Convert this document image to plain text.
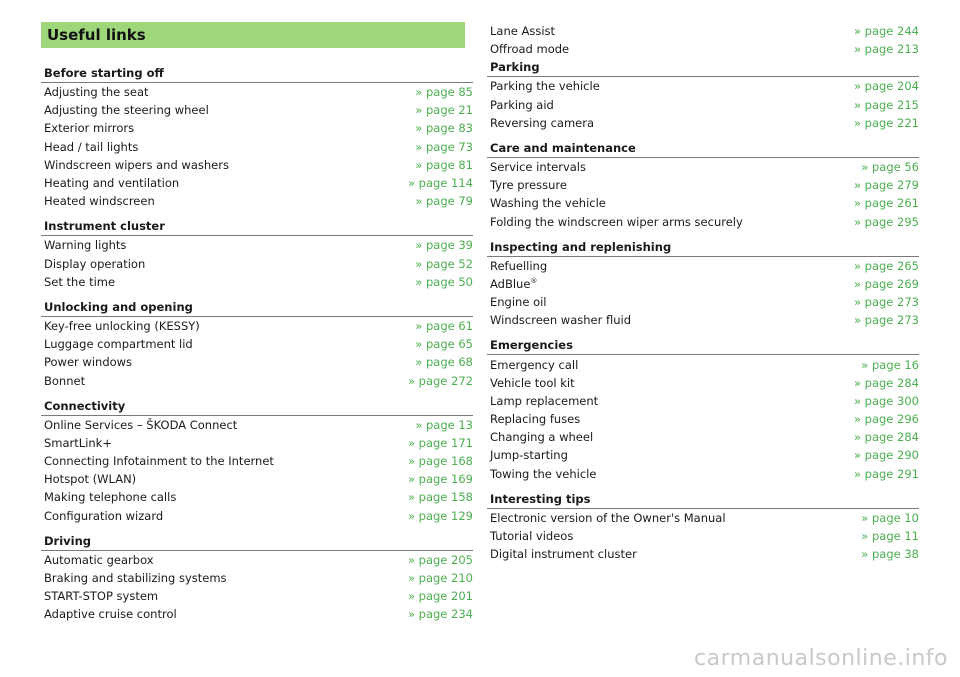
Useful links
Before starting off
Adjusting the seat	» page 85
Adjusting the steering wheel	» page 21
Exterior mirrors	» page 83
Head / tail lights	» page 73
Windscreen wipers and washers	» page 81
Heating and ventilation	» page 114
Heated windscreen	» page 79
Instrument cluster
Warning lights	» page 39
Display operation	» page 52
Set the time	» page 50
Unlocking and opening
Key-free unlocking (KESSY)	» page 61
Luggage compartment lid	» page 65
Power windows	» page 68
Bonnet	» page 272
Connectivity
Online Services – ŠKODA Connect	» page 13
SmartLink+	» page 171
Connecting Infotainment to the Internet	» page 168
Hotspot (WLAN)	» page 169
Making telephone calls	» page 158
Configuration wizard	» page 129
Driving
Automatic gearbox	» page 205
Braking and stabilizing systems	» page 210
START-STOP system	» page 201
Adaptive cruise control	» page 234
Lane Assist	» page 244
Offroad mode	» page 213
Parking
Parking the vehicle	» page 204
Parking aid	» page 215
Reversing camera	» page 221
Care and maintenance
Service intervals	» page 56
Tyre pressure	» page 279
Washing the vehicle	» page 261
Folding the windscreen wiper arms securely	» page 295
Inspecting and replenishing
Refuelling	» page 265
AdBlue®	» page 269
Engine oil	» page 273
Windscreen washer fluid	» page 273
Emergencies
Emergency call	» page 16
Vehicle tool kit	» page 284
Lamp replacement	» page 300
Replacing fuses	» page 296
Changing a wheel	» page 284
Jump-starting	» page 290
Towing the vehicle	» page 291
Interesting tips
Electronic version of the Owner's Manual	» page 10
Tutorial videos	» page 11
Digital instrument cluster	» page 38
carmanualsonline.info
